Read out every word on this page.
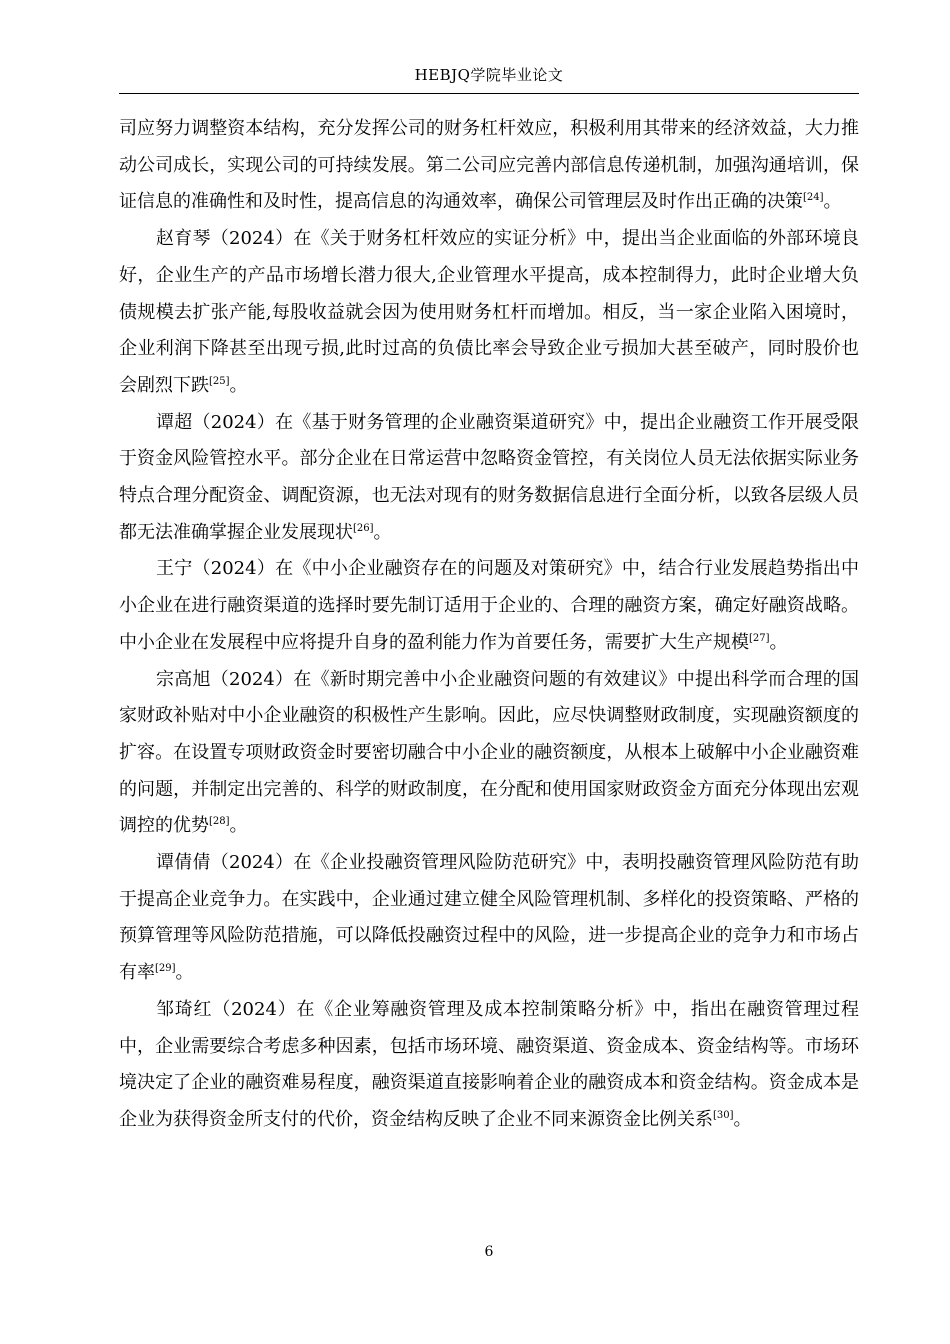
HEBJQ学院毕业论文

司应努力调整资本结构，充分发挥公司的财务杠杆效应，积极利用其带来的经济效益，大力推动公司成长，实现公司的可持续发展。第二公司应完善内部信息传递机制，加强沟通培训，保证信息的准确性和及时性，提高信息的沟通效率，确保公司管理层及时作出正确的决策[24]。

赵育琴（2024）在《关于财务杠杆效应的实证分析》中，提出当企业面临的外部环境良好，企业生产的产品市场增长潜力很大,企业管理水平提高，成本控制得力，此时企业增大负债规模去扩张产能,每股收益就会因为使用财务杠杆而增加。相反，当一家企业陷入困境时，企业利润下降甚至出现亏损,此时过高的负债比率会导致企业亏损加大甚至破产，同时股价也会剧烈下跌[25]。

谭超（2024）在《基于财务管理的企业融资渠道研究》中，提出企业融资工作开展受限于资金风险管控水平。部分企业在日常运营中忽略资金管控，有关岗位人员无法依据实际业务特点合理分配资金、调配资源，也无法对现有的财务数据信息进行全面分析，以致各层级人员都无法准确掌握企业发展现状[26]。

王宁（2024）在《中小企业融资存在的问题及对策研究》中，结合行业发展趋势指出中小企业在进行融资渠道的选择时要先制订适用于企业的、合理的融资方案，确定好融资战略。中小企业在发展程中应将提升自身的盈利能力作为首要任务，需要扩大生产规模[27]。

宗高旭（2024）在《新时期完善中小企业融资问题的有效建议》中提出科学而合理的国家财政补贴对中小企业融资的积极性产生影响。因此，应尽快调整财政制度，实现融资额度的扩容。在设置专项财政资金时要密切融合中小企业的融资额度，从根本上破解中小企业融资难的问题，并制定出完善的、科学的财政制度，在分配和使用国家财政资金方面充分体现出宏观调控的优势[28]。

谭倩倩（2024）在《企业投融资管理风险防范研究》中，表明投融资管理风险防范有助于提高企业竞争力。在实践中，企业通过建立健全风险管理机制、多样化的投资策略、严格的预算管理等风险防范措施，可以降低投融资过程中的风险，进一步提高企业的竞争力和市场占有率[29]。

邹琦红（2024）在《企业筹融资管理及成本控制策略分析》中，指出在融资管理过程中，企业需要综合考虑多种因素，包括市场环境、融资渠道、资金成本、资金结构等。市场环境决定了企业的融资难易程度，融资渠道直接影响着企业的融资成本和资金结构。资金成本是企业为获得资金所支付的代价，资金结构反映了企业不同来源资金比例关系[30]。

6
